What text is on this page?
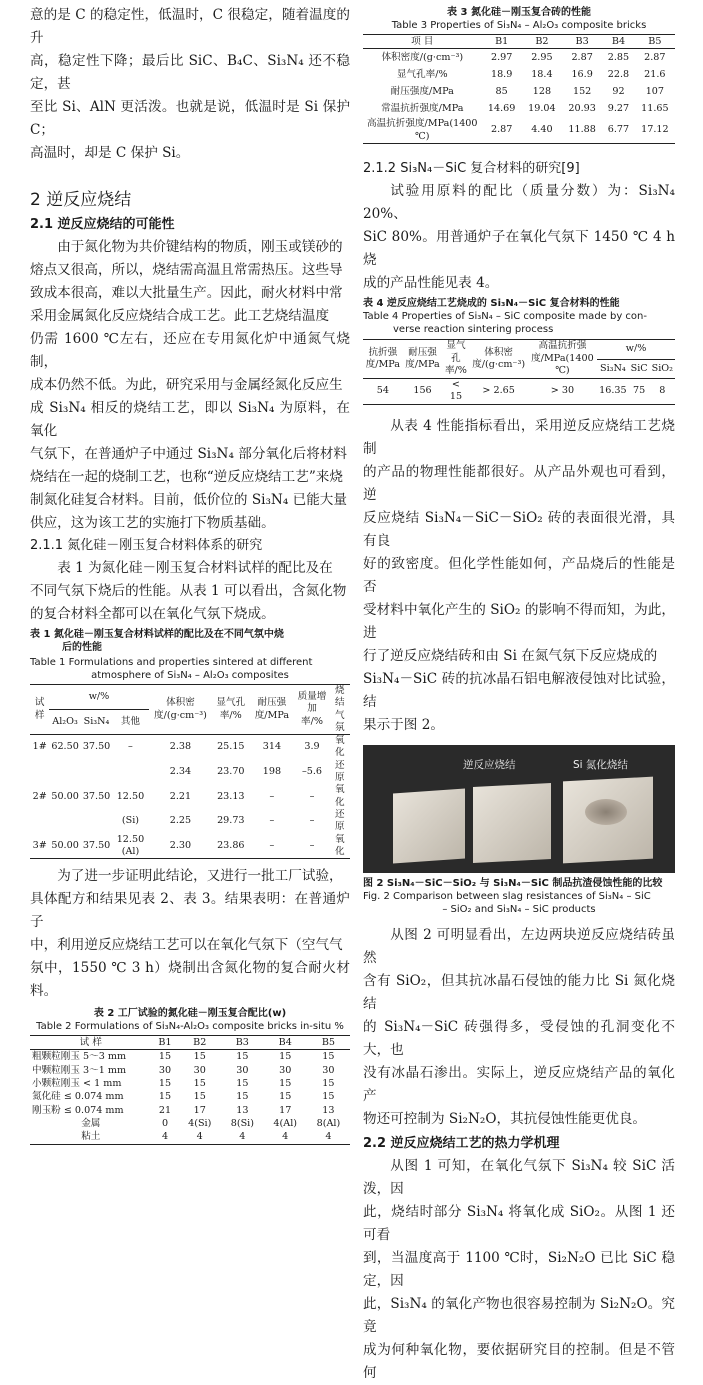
意的是 C 的稳定性，低温时，C 很稳定，随着温度的升

高，稳定性下降；最后比 SiC、B₄C、Si₃N₄ 还不稳定，甚

至比 Si、AlN 更活泼。也就是说，低温时是 Si 保护 C；

高温时，却是 C 保护 Si。

2 逆反应烧结
2.1 逆反应烧结的可能性

由于氮化物为共价键结构的物质，刚玉或镁砂的

熔点又很高，所以，烧结需高温且常需热压。这些导

致成本很高，难以大批量生产。因此，耐火材料中常

采用金属氮化反应烧结合成工艺。此工艺烧结温度

仍需 1600 ℃左右，还应在专用氮化炉中通氮气烧制，

成本仍然不低。为此，研究采用与金属经氮化反应生

成 Si₃N₄ 相反的烧结工艺，即以 Si₃N₄ 为原料，在氧化

气氛下，在普通炉子中通过 Si₃N₄ 部分氧化后将材料

烧结在一起的烧制工艺，也称“逆反应烧结工艺”来烧

制氮化硅复合材料。目前，低价位的 Si₃N₄ 已能大量

供应，这为该工艺的实施打下物质基础。

2.1.1 氮化硅－刚玉复合材料体系的研究

表 1 为氮化硅－刚玉复合材料试样的配比及在

不同气氛下烧后的性能。从表 1 可以看出，含氮化物

的复合材料全都可以在氧化气氛下烧成。

表 1 氮化硅－刚玉复合材料试样的配比及在不同气氛中烧

后的性能

Table 1 Formulations and properties sintered at different

atmosphere of Si₃N₄ – Al₂O₃ composites

试样	w/%			体积密度/(g·cm⁻³)	显气孔率/%	耐压强度/MPa	质量增加率/%	烧结气氛
	Al₂O₃	Si₃N₄	其他					
1#	62.50	37.50	–	2.38	25.15	314	3.9	氧化
				2.34	23.70	198	–5.6	还原
2#	50.00	37.50	12.50	2.21	23.13	–	–	氧化
			(Si)	2.25	29.73	–	–	还原
3#	50.00	37.50	12.50 (Al)	2.30	23.86	–	–	氧化

为了进一步证明此结论，又进行一批工厂试验，

具体配方和结果见表 2、表 3。结果表明：在普通炉子

中，利用逆反应烧结工艺可以在氧化气氛下（空气气

氛中，1550 ℃ 3 h）烧制出含氮化物的复合耐火材料。

表 2 工厂试验的氮化硅－刚玉复合配比(w)

Table 2 Formulations of Si₃N₄-Al₂O₃ composite bricks in-situ %

试 样	B1	B2	B3	B4	B5
粗颗粒刚玉 5～3 mm	15	15	15	15	15
中颗粒刚玉 3～1 mm	30	30	30	30	30
小颗粒刚玉 < 1 mm	15	15	15	15	15
氮化硅 ≤ 0.074 mm	15	15	15	15	15
刚玉粉 ≤ 0.074 mm	21	17	13	17	13
金属	0	4(Si)	8(Si)	4(Al)	8(Al)
粘土	4	4	4	4	4

表 3 氮化硅－刚玉复合砖的性能

Table 3 Properties of Si₃N₄ – Al₂O₃ composite bricks

项 目	B1	B2	B3	B4	B5
体积密度/(g·cm⁻³)	2.97	2.95	2.87	2.85	2.87
显气孔率/%	18.9	18.4	16.9	22.8	21.6
耐压强度/MPa	85	128	152	92	107
常温抗折强度/MPa	14.69	19.04	20.93	9.27	11.65
高温抗折强度/MPa(1400 ℃)	2.87	4.40	11.88	6.77	17.12
2.1.2 Si₃N₄－SiC 复合材料的研究[9]

试验用原料的配比（质量分数）为：Si₃N₄ 20%、

SiC 80%。用普通炉子在氧化气氛下 1450 ℃ 4 h 烧

成的产品性能见表 4。

表 4 逆反应烧结工艺烧成的 Si₃N₄－SiC 复合材料的性能

Table 4 Properties of Si₃N₄ – SiC composite made by con-

verse reaction sintering process

抗折强度/MPa	耐压强度/MPa	显气孔率/%	体积密度/(g·cm⁻³)	高温抗折强度/MPa(1400 ℃)	w/%		
					Si₃N₄	SiC	SiO₂
54	156	< 15	> 2.65	> 30	16.35	75	8

从表 4 性能指标看出，采用逆反应烧结工艺烧制

的产品的物理性能都很好。从产品外观也可看到，逆

反应烧结 Si₃N₄－SiC－SiO₂ 砖的表面很光滑，具有良

好的致密度。但化学性能如何，产品烧后的性能是否

受材料中氧化产生的 SiO₂ 的影响不得而知，为此，进

行了逆反应烧结砖和由 Si 在氮气氛下反应烧成的

Si₃N₄－SiC 砖的抗冰晶石铝电解液侵蚀对比试验，结

果示于图 2。

逆反应烧结	Si 氮化烧结

图 2 Si₃N₄－SiC－SiO₂ 与 Si₃N₄－SiC 制品抗渣侵蚀性能的比较

Fig. 2 Comparison between slag resistances of Si₃N₄ – SiC

– SiO₂ and Si₃N₄ – SiC products

从图 2 可明显看出，左边两块逆反应烧结砖虽然

含有 SiO₂，但其抗冰晶石侵蚀的能力比 Si 氮化烧结

的 Si₃N₄－SiC 砖强得多，受侵蚀的孔洞变化不大，也

没有冰晶石渗出。实际上，逆反应烧结产品的氧化产

物还可控制为 Si₂N₂O，其抗侵蚀性能更优良。

2.2 逆反应烧结工艺的热力学机理

从图 1 可知，在氧化气氛下 Si₃N₄ 较 SiC 活泼，因

此，烧结时部分 Si₃N₄ 将氧化成 SiO₂。从图 1 还可看

到，当温度高于 1100 ℃时，Si₂N₂O 已比 SiC 稳定，因

此，Si₃N₄ 的氧化产物也很容易控制为 Si₂N₂O。究竟

成为何种氧化物，要依据研究目的控制。但是不管何
